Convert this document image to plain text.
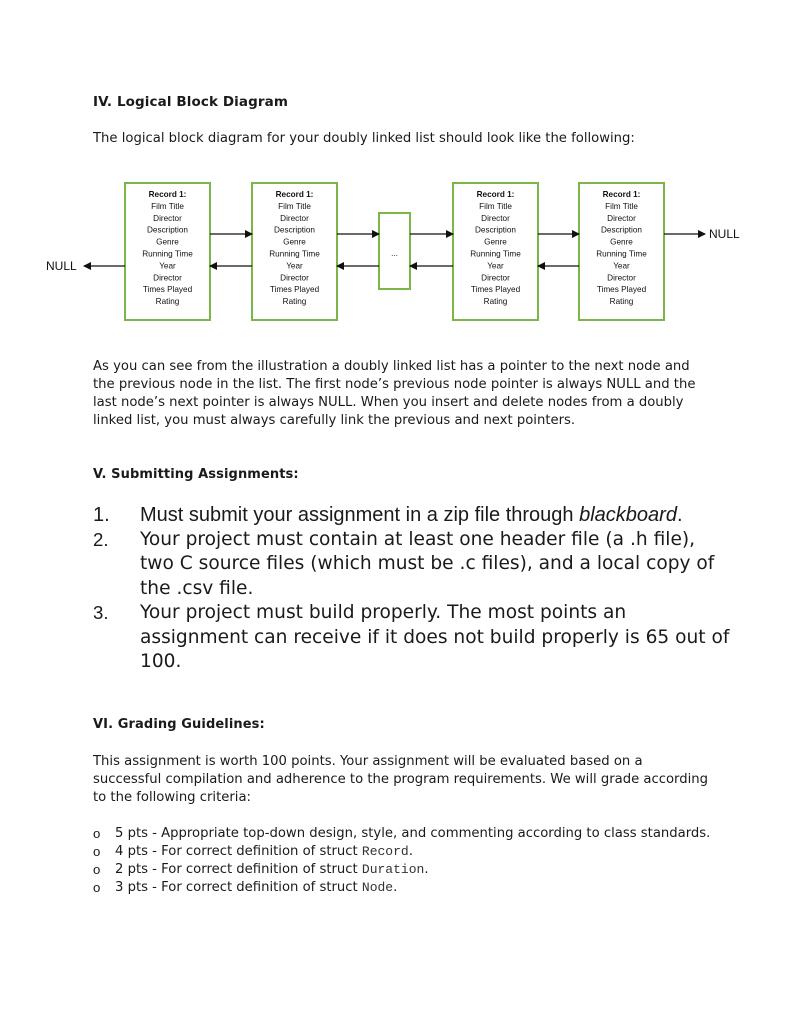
IV. Logical Block Diagram

The logical block diagram for your doubly linked list should look like the following:

Record 1:
Film Title
Director
Description
Genre
Running Time
Year
Director
Times Played
Rating
Record 1:
Film Title
Director
Description
Genre
Running Time
Year
Director
Times Played
Rating
Record 1:
Film Title
Director
Description
Genre
Running Time
Year
Director
Times Played
Rating
Record 1:
Film Title
Director
Description
Genre
Running Time
Year
Director
Times Played
Rating
...
NULL
NULL

As you can see from the illustration a doubly linked list has a pointer to the next node and the previous node in the list. The first node’s previous node pointer is always NULL and the last node’s next pointer is always NULL. When you insert and delete nodes from a doubly linked list, you must always carefully link the previous and next pointers.

V. Submitting Assignments:
1. Must submit your assignment in a zip file through blackboard.
2. Your project must contain at least one header file (a .h file), two C source files (which must be .c files), and a local copy of the .csv file.
3. Your project must build properly. The most points an assignment can receive if it does not build properly is 65 out of 100.
VI. Grading Guidelines:

This assignment is worth 100 points. Your assignment will be evaluated based on a successful compilation and adherence to the program requirements. We will grade according to the following criteria:

o 5 pts - Appropriate top-down design, style, and commenting according to class standards.
o 4 pts - For correct definition of struct Record.
o 2 pts - For correct definition of struct Duration.
o 3 pts - For correct definition of struct Node.
